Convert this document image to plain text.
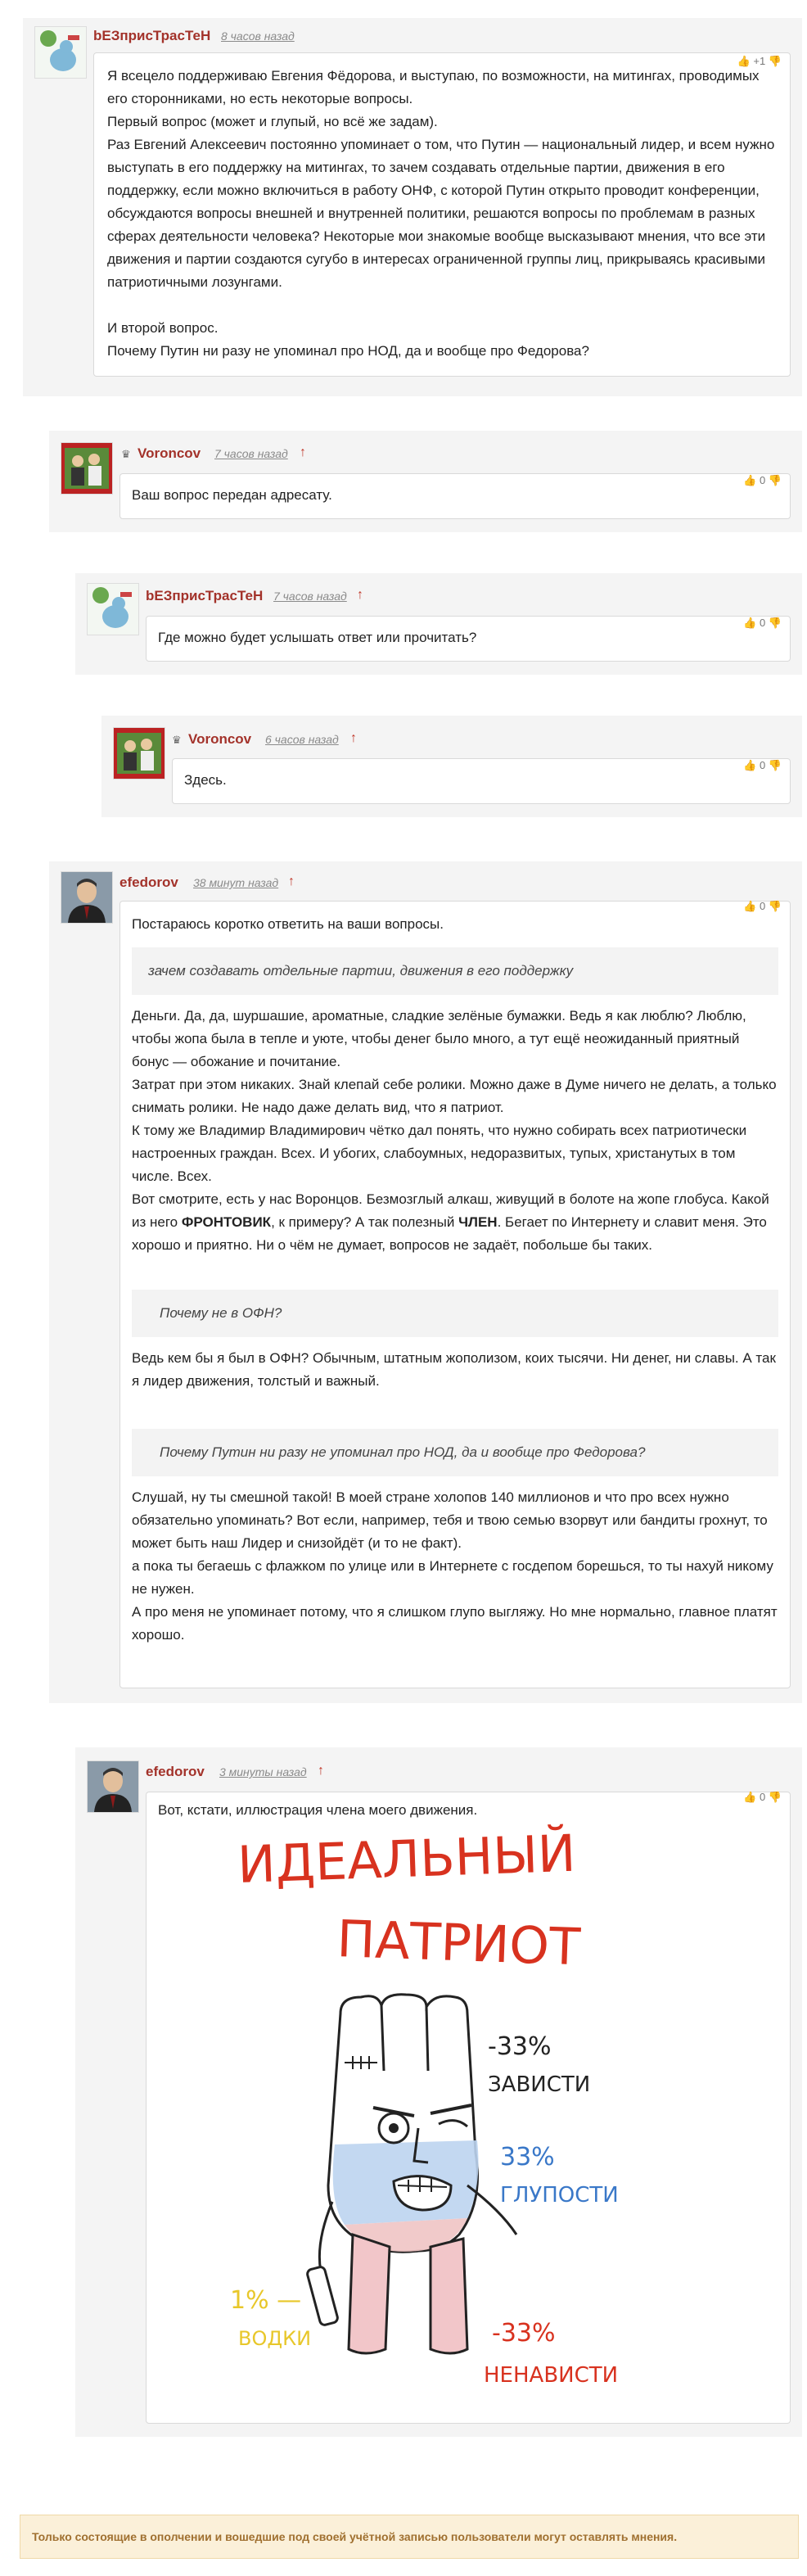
bEЗприсТрасТеН 8 часов назад
👍 +1 👎

Я всецело поддерживаю Евгения Фёдорова, и выступаю, по возможности, на митингах, проводимых его сторонниками, но есть некоторые вопросы.

Первый вопрос (может и глупый, но всё же задам).

Раз Евгений Алексеевич постоянно упоминает о том, что Путин — национальный лидер, и всем нужно выступать в его поддержку на митингах, то зачем создавать отдельные партии, движения в его поддержку, если можно включиться в работу ОНФ, с которой Путин открыто проводит конференции, обсуждаются вопросы внешней и внутренней политики, решаются вопросы по проблемам в разных сферах деятельности человека? Некоторые мои знакомые вообще высказывают мнения, что все эти движения и партии создаются сугубо в интересах ограниченной группы лиц, прикрываясь красивыми патриотичными лозунгами.

И второй вопрос.

Почему Путин ни разу не упоминал про НОД, да и вообще про Федорова?

♛ Voroncov 7 часов назад ↑
👍 0 👎

Ваш вопрос передан адресату.

bEЗприсТрасТеН 7 часов назад ↑
👍 0 👎

Где можно будет услышать ответ или прочитать?

♛ Voroncov 6 часов назад ↑
👍 0 👎

Здесь.

efedorov 38 минут назад ↑
👍 0 👎

Постараюсь коротко ответить на ваши вопросы.

зачем создавать отдельные партии, движения в его поддержку

Деньги. Да, да, шуршашие, ароматные, сладкие зелёные бумажки. Ведь я как люблю? Люблю, чтобы жопа была в тепле и уюте, чтобы денег было много, а тут ещё неожиданный приятный бонус — обожание и почитание.

Затрат при этом никаких. Знай клепай себе ролики. Можно даже в Думе ничего не делать, а только снимать ролики. Не надо даже делать вид, что я патриот.

К тому же Владимир Владимирович чётко дал понять, что нужно собирать всех патриотически настроенных граждан. Всех. И убогих, слабоумных, недоразвитых, тупых, христанутых в том числе. Всех.

Вот смотрите, есть у нас Воронцов. Безмозглый алкаш, живущий в болоте на жопе глобуса. Какой из него ФРОНТОВИК, к примеру? А так полезный ЧЛЕН. Бегает по Интернету и славит меня. Это хорошо и приятно. Ни о чём не думает, вопросов не задаёт, побольше бы таких.

Почему не в ОФН?

Ведь кем бы я был в ОФН? Обычным, штатным жополизом, коих тысячи. Ни денег, ни славы. А так я лидер движения, толстый и важный.

Почему Путин ни разу не упоминал про НОД, да и вообще про Федорова?

Слушай, ну ты смешной такой! В моей стране холопов 140 миллионов и что про всех нужно обязательно упоминать? Вот если, например, тебя и твою семью взорвут или бандиты грохнут, то может быть наш Лидер и снизойдёт (и то не факт).

а пока ты бегаешь с флажком по улице или в Интернете с госдепом борешься, то ты нахуй никому не нужен.

А про меня не упоминает потому, что я слишком глупо выгляжу. Но мне нормально, главное платят хорошо.

efedorov 3 минуты назад ↑
👍 0 👎

Вот, кстати, иллюстрация члена моего движения.

ИДЕАЛЬНЫЙ
ПАТРИОТ
-33%
ЗАВИСТИ
33%
ГЛУПОСТИ
1% —
ВОДКИ	-33%
НЕНАВИСТИ
Только состоящие в ополчении и вошедшие под своей учётной записью пользователи могут оставлять мнения.
